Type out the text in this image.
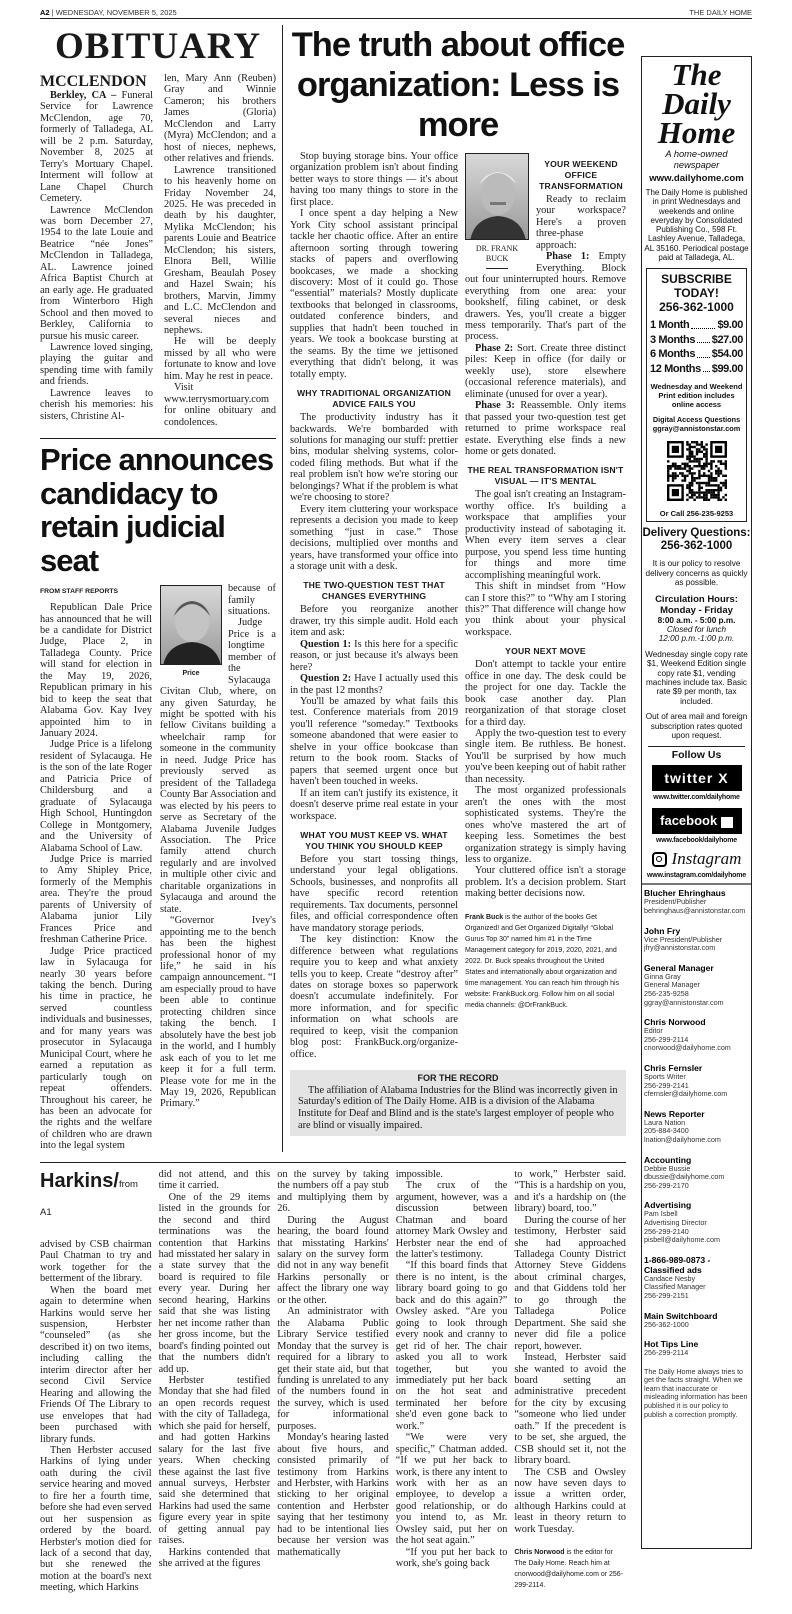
A2 | WEDNESDAY, NOVEMBER 5, 2025	THE DAILY HOME
OBITUARY
MCCLENDON

Berkley, CA – Funeral Service for Lawrence McClendon, age 70, formerly of Talladega, AL will be 2 p.m. Saturday, November 8, 2025 at Terry's Mortuary Chapel. Interment will follow at Lane Chapel Church Cemetery.

Lawrence McClendon was born December 27, 1954 to the late Louie and Beatrice “née Jones” McClendon in Talladega, AL. Lawrence joined Africa Baptist Church at an early age. He graduated from Winterboro High School and then moved to Berkley, California to pursue his music career.

Lawrence loved singing, playing the guitar and spending time with family and friends.

Lawrence leaves to cherish his memories: his sisters, Christine Al-

len, Mary Ann (Reuben) Gray and Winnie Cameron; his brothers James (Gloria) McClendon and Larry (Myra) McClendon; and a host of nieces, nephews, other relatives and friends.

Lawrence transitioned to his heavenly home on Friday November 24, 2025. He was preceded in death by his daughter, Mylika McClendon; his parents Louie and Beatrice McClendon; his sisters, Elnora Bell, Willie Gresham, Beaulah Posey and Hazel Swain; his brothers, Marvin, Jimmy and L.C. McClendon and several nieces and nephews.

He will be deeply missed by all who were fortunate to know and love him. May he rest in peace.

Visit www.terrysmortuary.com for online obituary and condolences.

Price announces candidacy to retain judicial seat
FROM STAFF REPORTS

Republican Dale Price has announced that he will be a candidate for District Judge, Place 2, in Talladega County. Price will stand for election in the May 19, 2026, Republican primary in his bid to keep the seat that Alabama Gov. Kay Ivey appointed him to in January 2024.

Judge Price is a lifelong resident of Sylacauga. He is the son of the late Roger and Patricia Price of Childersburg and a graduate of Sylacauga High School, Huntingdon College in Montgomery, and the University of Alabama School of Law.

Judge Price is married to Amy Shipley Price, formerly of the Memphis area. They're the proud parents of University of Alabama junior Lily Frances Price and freshman Catherine Price.

Judge Price practiced law in Sylacauga for nearly 30 years before taking the bench. During his time in practice, he served countless individuals and businesses, and for many years was prosecutor in Sylacauga Municipal Court, where he earned a reputation as particularly tough on repeat offenders. Throughout his career, he has been an advocate for the rights and the welfare of children who are drawn into the legal system

Price

because of family situations.

Judge Price is a longtime member of the Sylacauga Civitan Club, where, on any given Saturday, he might be spotted with his fellow Civitans building a wheelchair ramp for someone in the community in need. Judge Price has previously served as president of the Talladega County Bar Association and was elected by his peers to serve as Secretary of the Alabama Juvenile Judges Association. The Price family attend church regularly and are involved in multiple other civic and charitable organizations in Sylacauga and around the state.

“Governor Ivey's appointing me to the bench has been the highest professional honor of my life,” he said in his campaign announcement. “I am especially proud to have been able to continue protecting children since taking the bench. I absolutely have the best job in the world, and I humbly ask each of you to let me keep it for a full term. Please vote for me in the May 19, 2026, Republican Primary.”

The truth about office organization: Less is more

Stop buying storage bins. Your office organization problem isn't about finding better ways to store things — it's about having too many things to store in the first place.

I once spent a day helping a New York City school assistant principal tackle her chaotic office. After an entire afternoon sorting through towering stacks of papers and overflowing bookcases, we made a shocking discovery: Most of it could go. Those “essential” materials? Mostly duplicate textbooks that belonged in classrooms, outdated conference binders, and supplies that hadn't been touched in years. We took a bookcase bursting at the seams. By the time we jettisoned everything that didn't belong, it was totally empty.

WHY TRADITIONAL ORGANIZATION ADVICE FAILS YOU

The productivity industry has it backwards. We're bombarded with solutions for managing our stuff: prettier bins, modular shelving systems, color-coded filing methods. But what if the real problem isn't how we're storing our belongings? What if the problem is what we're choosing to store?

Every item cluttering your workspace represents a decision you made to keep something “just in case.” Those decisions, multiplied over months and years, have transformed your office into a storage unit with a desk.

THE TWO-QUESTION TEST THAT CHANGES EVERYTHING

Before you reorganize another drawer, try this simple audit. Hold each item and ask:

Question 1: Is this here for a specific reason, or just because it's always been here?

Question 2: Have I actually used this in the past 12 months?

You'll be amazed by what fails this test. Conference materials from 2019 you'll reference “someday.” Textbooks someone abandoned that were easier to shelve in your office bookcase than return to the book room. Stacks of papers that seemed urgent once but haven't been touched in weeks.

If an item can't justify its existence, it doesn't deserve prime real estate in your workspace.

WHAT YOU MUST KEEP VS. WHAT YOU THINK YOU SHOULD KEEP

Before you start tossing things, understand your legal obligations. Schools, businesses, and nonprofits all have specific record retention requirements. Tax documents, personnel files, and official correspondence often have mandatory storage periods.

The key distinction: Know the difference between what regulations require you to keep and what anxiety tells you to keep. Create “destroy after” dates on storage boxes so paperwork doesn't accumulate indefinitely. For more information, and for specific information on what schools are required to keep, visit the companion blog post: FrankBuck.org/organize-office.

DR. FRANK BUCK
YOUR WEEKEND OFFICE TRANSFORMATION

Ready to reclaim your workspace? Here's a proven three-phase approach:

Phase 1: Empty Everything. Block out four uninterrupted hours. Remove everything from one area: your bookshelf, filing cabinet, or desk drawers. Yes, you'll create a bigger mess temporarily. That's part of the process.

Phase 2: Sort. Create three distinct piles: Keep in office (for daily or weekly use), store elsewhere (occasional reference materials), and eliminate (unused for over a year).

Phase 3: Reassemble. Only items that passed your two-question test get returned to prime workspace real estate. Everything else finds a new home or gets donated.

THE REAL TRANSFORMATION ISN'T VISUAL — IT'S MENTAL

The goal isn't creating an Instagram-worthy office. It's building a workspace that amplifies your productivity instead of sabotaging it. When every item serves a clear purpose, you spend less time hunting for things and more time accomplishing meaningful work.

This shift in mindset from “How can I store this?” to “Why am I storing this?” That difference will change how you think about your physical workspace.

YOUR NEXT MOVE

Don't attempt to tackle your entire office in one day. The desk could be the project for one day. Tackle the book case another day. Plan reorganization of that storage closet for a third day.

Apply the two-question test to every single item. Be ruthless. Be honest. You'll be surprised by how much you've been keeping out of habit rather than necessity.

The most organized professionals aren't the ones with the most sophisticated systems. They're the ones who've mastered the art of keeping less. Sometimes the best organization strategy is simply having less to organize.

Your cluttered office isn't a storage problem. It's a decision problem. Start making better decisions now.

Frank Buck is the author of the books Get Organized! and Get Organized Digitally! “Global Gurus Top 30” named him #1 in the Time Management category for 2019, 2020, 2021, and 2022. Dr. Buck speaks throughout the United States and internationally about organization and time management. You can reach him through his website: FrankBuck.org. Follow him on all social media channels: @DrFrankBuck.

FOR THE RECORD

The affiliation of Alabama Industries for the Blind was incorrectly given in Saturday's edition of The Daily Home. AIB is a division of the Alabama Institute for Deaf and Blind and is the state's largest employer of people who are blind or visually impaired.

Harkins/from A1

advised by CSB chairman Paul Chatman to try and work together for the betterment of the library.

When the board met again to determine when Harkins would serve her suspension, Herbster “counseled” (as she described it) on two items, including calling the interim director after her second Civil Service Hearing and allowing the Friends Of The Library to use envelopes that had been purchased with library funds.

Then Herbster accused Harkins of lying under oath during the civil service hearing and moved to fire her a fourth time, before she had even served out her suspension as ordered by the board. Herbster's motion died for lack of a second that day, but she renewed the motion at the board's next meeting, which Harkins

did not attend, and this time it carried.

One of the 29 items listed in the grounds for the second and third terminations was the contention that Harkins had misstated her salary in a state survey that the board is required to file every year. During her second hearing, Harkins said that she was listing her net income rather than her gross income, but the board's finding pointed out that the numbers didn't add up.

Herbster testified Monday that she had filed an open records request with the city of Talladega, which she paid for herself, and had gotten Harkins salary for the last five years. When checking these against the last five annual surveys, Herbster said she determined that Harkins had used the same figure every year in spite of getting annual pay raises.

Harkins contended that she arrived at the figures

on the survey by taking the numbers off a pay stub and multiplying them by 26.

During the August hearing, the board found that misstating Harkins' salary on the survey form did not in any way benefit Harkins personally or affect the library one way or the other.

An administrator with the Alabama Public Library Service testified Monday that the survey is required for a library to get their state aid, but that funding is unrelated to any of the numbers found in the survey, which is used for informational purposes.

Monday's hearing lasted about five hours, and consisted primarily of testimony from Harkins and Herbster, with Harkins sticking to her original contention and Herbster saying that her testimony had to be intentional lies because her version was mathematically

impossible.

The crux of the argument, however, was a discussion between Chatman and board attorney Mark Owsley and Herbster near the end of the latter's testimony.

“If this board finds that there is no intent, is the library board going to go back and do this again?” Owsley asked. “Are you going to look through every nook and cranny to get rid of her. The chair asked you all to work together, but you immediately put her back on the hot seat and terminated her before she'd even gone back to work.”

“We were very specific,” Chatman added. “If we put her back to work, is there any intent to work with her as an employee, to develop a good relationship, or do you intend to, as Mr. Owsley said, put her on the hot seat again.”

“If you put her back to work, she's going back

to work,” Herbster said. “This is a hardship on you, and it's a hardship on (the library) board, too.”

During the course of her testimony, Herbster said she had approached Talladega County District Attorney Steve Giddens about criminal charges, and that Giddens told her to go through the Talladega Police Department. She said she never did file a police report, however.

Instead, Herbster said she wanted to avoid the board setting an administrative precedent for the city by excusing “someone who lied under oath.” If the precedent is to be set, she argued, the CSB should set it, not the library board.

The CSB and Owsley now have seven days to issue a written order, although Harkins could at least in theory return to work Tuesday.

Chris Norwood is the editor for The Daily Home. Reach him at cnorwood@dailyhome.com or 256-299-2114.

The
Daily
Home
A home-owned newspaper
www.dailyhome.com
The Daily Home is published in print Wednesdays and weekends and online everyday by Consolidated Publishing Co., 598 Ft. Lashley Avenue, Talladega, AL 35160. Periodical postage paid at Talladega, AL.
SUBSCRIBE
TODAY!
256-362-1000
1 Month	$9.00
3 Months $27.00
6 Months $54.00
12 Months $99.00
Wednesday and Weekend Print edition includes online access
Digital Access Questions
ggray@annistonstar.com
Or Call 256-235-9253
Delivery Questions:
256-362-1000
It is our policy to resolve delivery concerns as quickly as possible.
Circulation Hours:
Monday - Friday
8:00 a.m. - 5:00 p.m.
Closed for lunch
12:00 p.m.-1:00 p.m.
Wednesday single copy rate $1, Weekend Edition single copy rate $1, vending machines include tax. Basic rate $9 per month, tax included.
Out of area mail and foreign subscription rates quoted upon request.
Follow Us
twitter X
www.twitter.com/dailyhome
facebook
www.facebook/dailyhome
Instagram
www.instagram.com/dailyhome
Blucher Ehringhaus
President/Publisher
behringhaus@annistonstar.com
John Fry
Vice President/Publisher
jfry@annistonstar.com
General Manager
Ginna Gray
General Manager
256-235-9258
ggray@annistonstar.com
Chris Norwood
Editor
256-299-2114
cnorwood@dailyhome.com
Chris Fernsler
Sports Writer
256-299-2141
cfernsler@dailyhome.com
News Reporter
Laura Nation
205-884-3400
lnation@dailyhome.com
Accounting
Debbie Bussie
dbussie@dailyhome.com
256-299-2170
Advertising
Pam Isbell
Advertising Director
256-299-2140
pisbell@dailyhome.com
1-866-989-0873 - Classified ads
Candace Nesby
Classified Manager
256-299-2151
Main Switchboard
256-362-1000
Hot Tips Line
256-299-2114
The Daily Home always tries to get the facts straight. When we learn that inaccurate or misleading information has been published it is our policy to publish a correction promptly.
